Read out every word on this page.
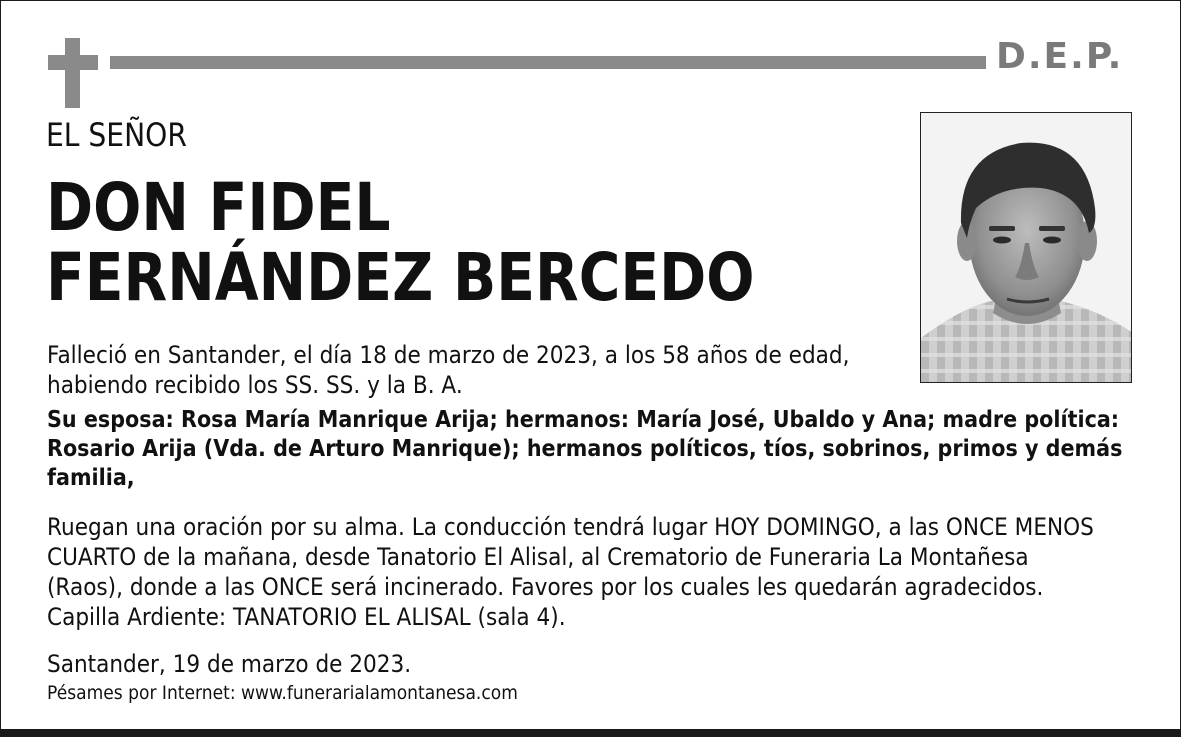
D.E.P.
EL SEÑOR
DON FIDEL
FERNÁNDEZ BERCEDO
Falleció en Santander, el día 18 de marzo de 2023, a los 58 años de edad,
habiendo recibido los SS. SS. y la B. A.
Su esposa: Rosa María Manrique Arija; hermanos: María José, Ubaldo y Ana; madre política:
Rosario Arija (Vda. de Arturo Manrique); hermanos políticos, tíos, sobrinos, primos y demás
familia,
Ruegan una oración por su alma. La conducción tendrá lugar HOY DOMINGO, a las ONCE MENOS
CUARTO de la mañana, desde Tanatorio El Alisal, al Crematorio de Funeraria La Montañesa
(Raos), donde a las ONCE será incinerado. Favores por los cuales les quedarán agradecidos.
Capilla Ardiente: TANATORIO EL ALISAL (sala 4).
Santander, 19 de marzo de 2023.
Pésames por Internet: www.funerarialamontanesa.com
